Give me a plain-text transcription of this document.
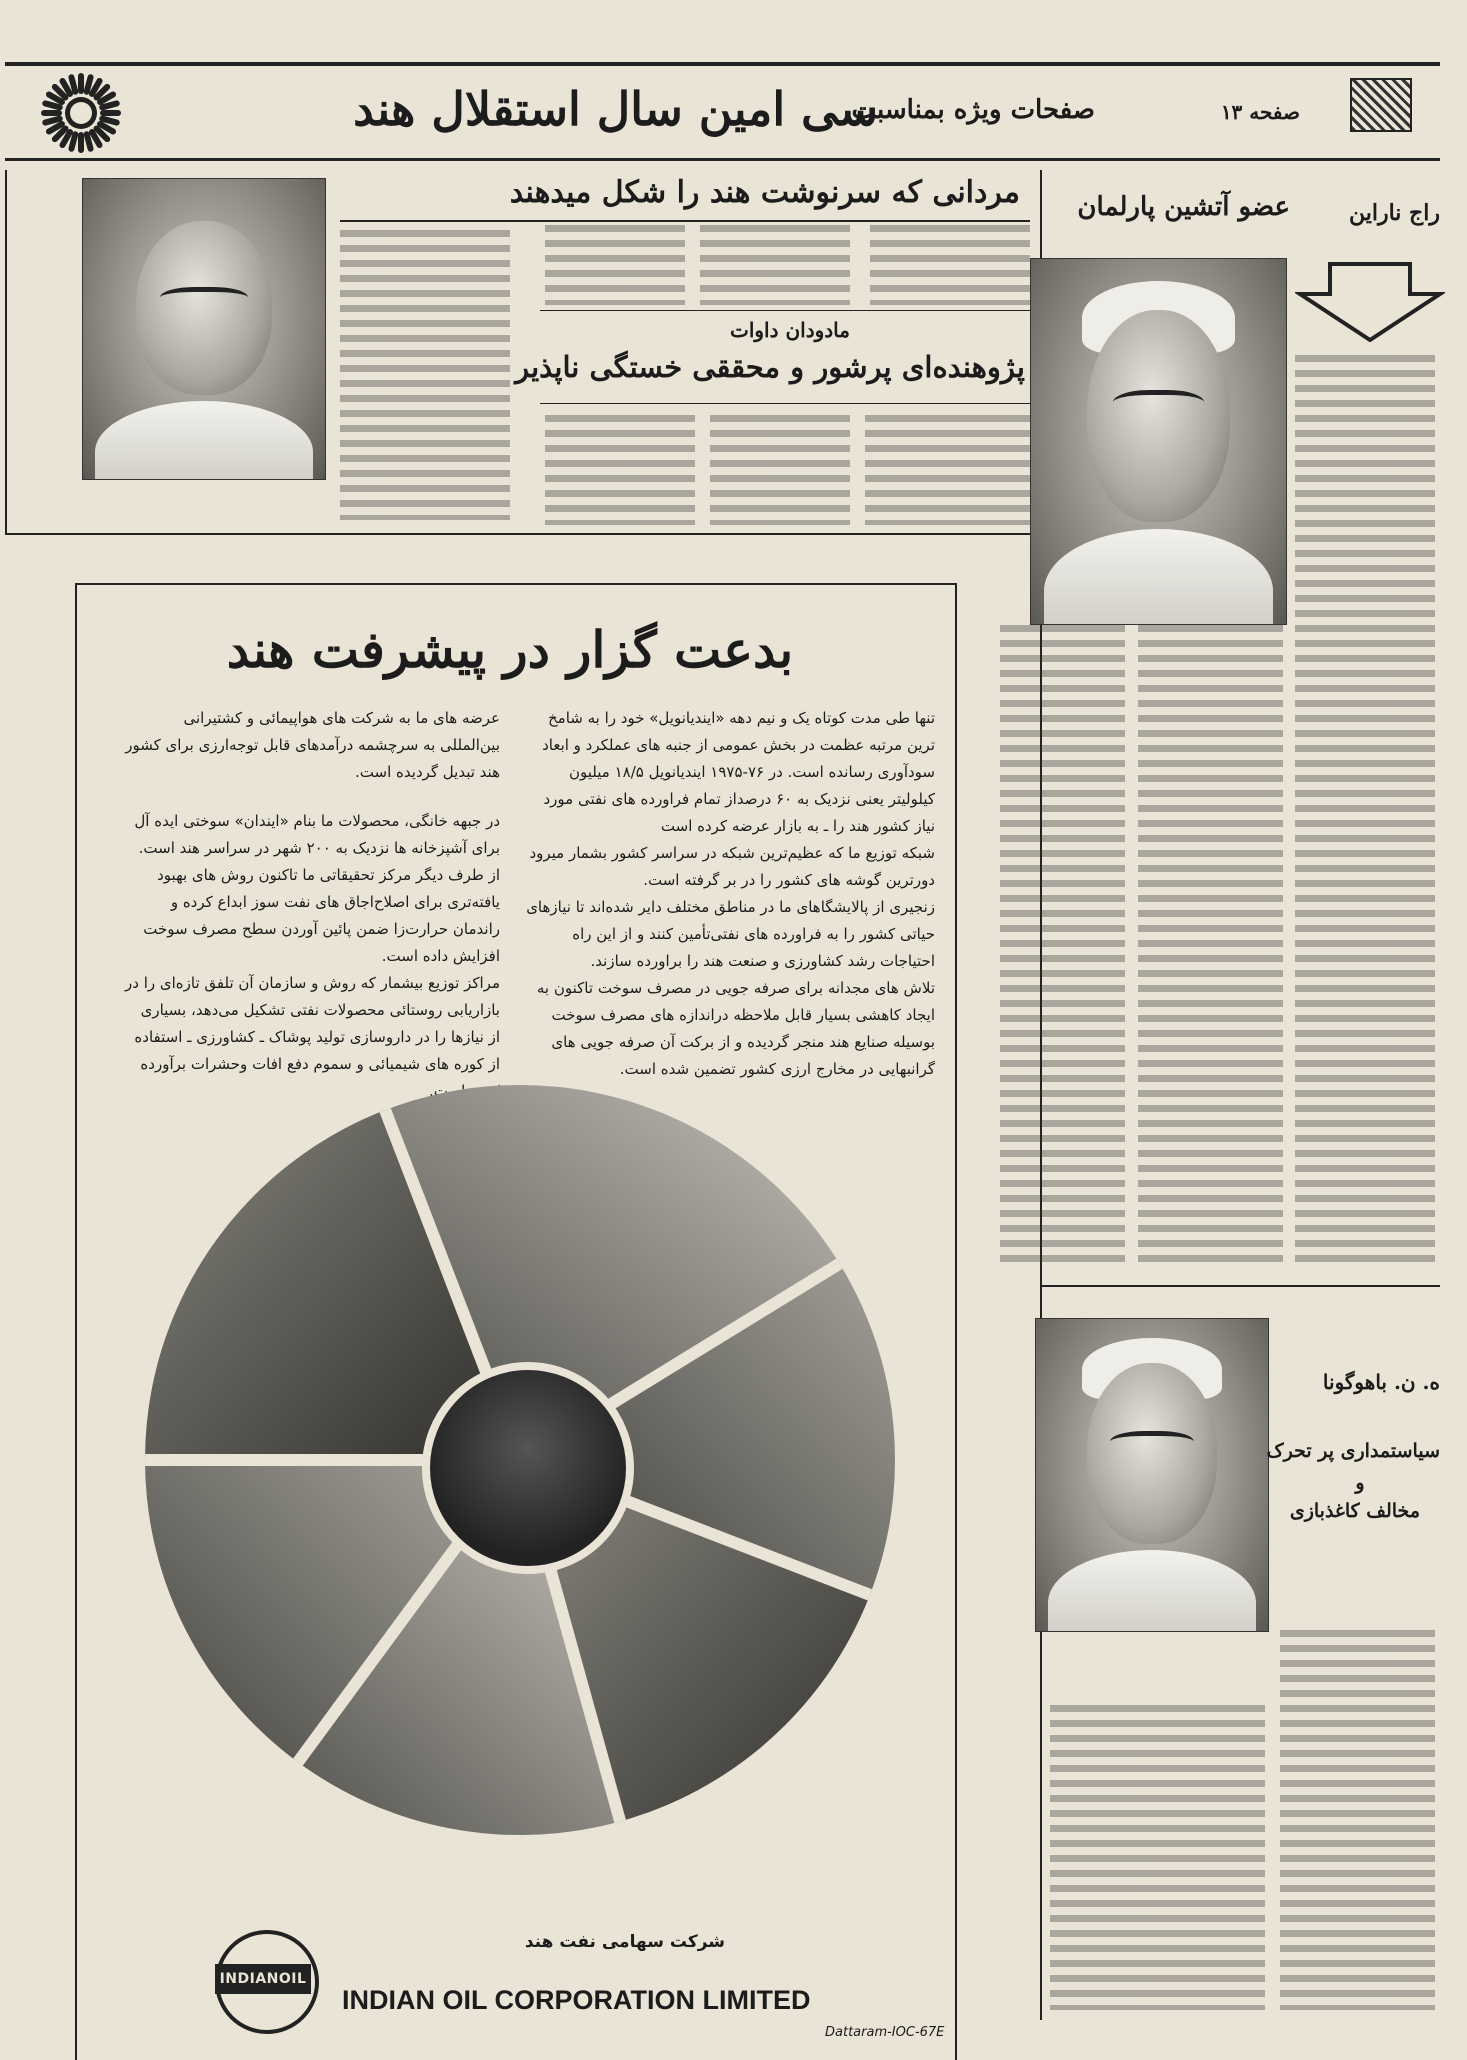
سی امین سال استقلال هند
صفحات ویژه بمناسبت	صفحه ۱۳
مردانی که سرنوشت هند را شکل میدهند
مادودان داوات
پژوهنده‌ای پرشور و محققی خستگی ناپذیر
راج ناراین
عضو آتشین پارلمان
ه. ن. باهوگونا
سیاستمداری پر تحرک
و
مخالف کاغذبازی
بدعت گزار در پیشرفت هند

تنها طی مدت کوتاه یک و نیم دهه «ایندیانویل» خود را به شامخ ترین مرتبه عظمت در بخش عمومی از جنبه های عملکرد و ابعاد سودآوری رسانده است. در ۷۶-۱۹۷۵ ایندیانویل ۱۸/۵ میلیون کیلولیتر یعنی نزدیک به ۶۰ درصداز تمام فراورده های نفتی مورد نیاز کشور هند را ـ به بازار عرضه کرده است

شبکه توزیع ما که عظیم‌ترین شبکه در سراسر کشور بشمار میرود دورترین گوشه های کشور را در بر گرفته است.

زنجیری از پالایشگاهای ما در مناطق مختلف دایر شده‌اند تا نیازهای حیاتی کشور را به فراورده های نفتی‌تأمین کنند و از این راه احتیاجات رشد کشاورزی و صنعت هند را براورده سازند.

تلاش های مجدانه برای صرفه جویی در مصرف سوخت تاکنون به ایجاد کاهشی بسیار قابل ملاحظه دراندازه های مصرف سوخت بوسیله صنایع هند منجر گردیده و از برکت آن صرفه جویی های گرانبهایی در مخارج ارزی کشور تضمین شده است.

عرضه های ما به شرکت های هواپیمائی و کشتیرانی بین‌المللی به سرچشمه درآمدهای قابل توجه‌ارزی برای کشور هند تبدیل گردیده است.

در جبهه خانگی، محصولات ما بنام «ایندان» سوختی ایده آل برای آشپزخانه ها نزدیک به ۲۰۰ شهر در سراسر هند است.

از طرف دیگر مرکز تحقیقاتی ما تاکنون روش های بهبود یافته‌تری برای اصلاح‌اجاق های نفت سوز ابداع کرده و راندمان حرارت‌زا ضمن پائین آوردن سطح مصرف سوخت افزایش داده است.

مراکز توزیع بیشمار که روش و سازمان آن تلفق تازه‌ای را در بازاریابی روستائی محصولات نفتی تشکیل می‌دهد، بسیاری از نیازها را در داروسازی تولید پوشاک ـ کشاورزی ـ استفاده از کوره های شیمیائی و سموم دفع افات وحشرات برآورده

INDIANOIL
شرکت سهامی نفت هند
INDIAN OIL CORPORATION LIMITED
Dattaram-IOC-67E
